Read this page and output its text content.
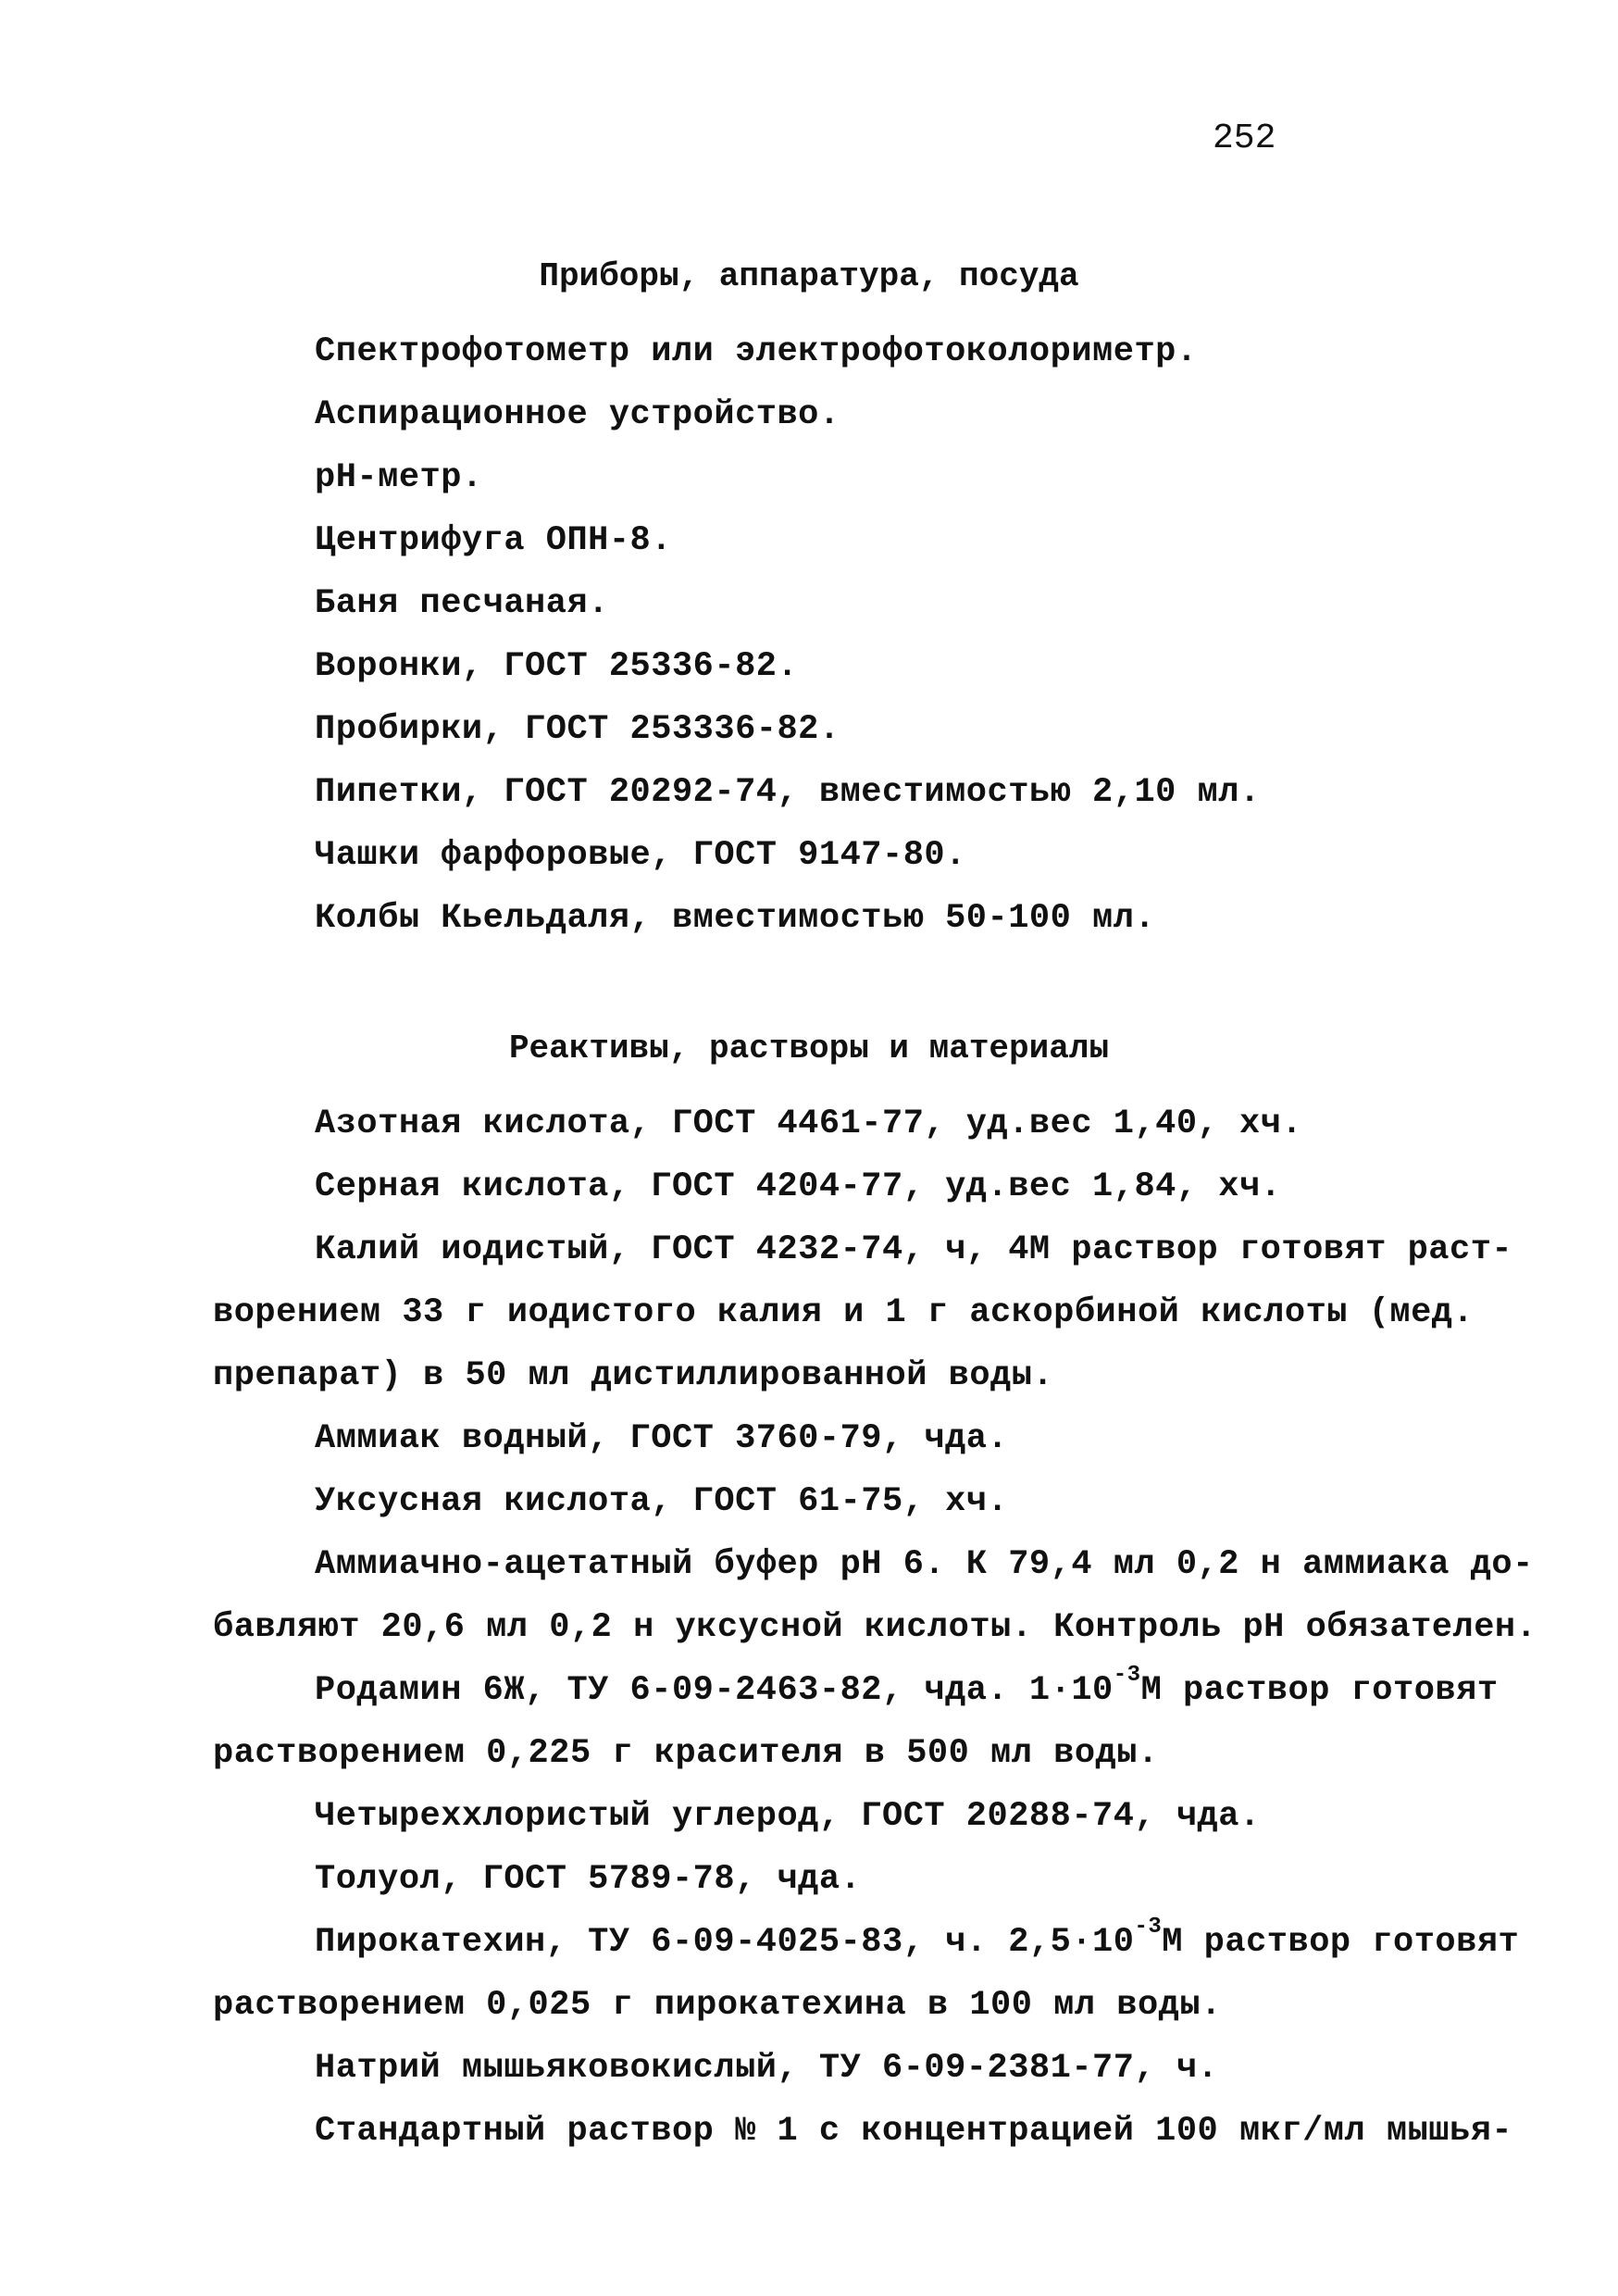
252
Приборы, аппаратура, посуда
Спектрофотометр или электрофотоколориметр.
Аспирационное устройство.
рН-метр.
Центрифуга ОПН-8.
Баня песчаная.
Воронки, ГОСТ 25336-82.
Пробирки, ГОСТ 253336-82.
Пипетки, ГОСТ 20292-74, вместимостью 2,10 мл.
Чашки фарфоровые, ГОСТ 9147-80.
Колбы Кьельдаля, вместимостью 50-100 мл.
Реактивы, растворы и материалы
Азотная кислота, ГОСТ 4461-77, уд.вес 1,40, хч.
Серная кислота, ГОСТ 4204-77, уд.вес 1,84, хч.
Калий иодистый, ГОСТ 4232-74, ч, 4М раствор готовят раст-
ворением 33 г иодистого калия и 1 г аскорбиной кислоты (мед.
препарат) в 50 мл дистиллированной воды.
Аммиак водный, ГОСТ 3760-79, чда.
Уксусная кислота, ГОСТ 61-75, хч.
Аммиачно-ацетатный буфер рН 6. К 79,4 мл 0,2 н аммиака до-
бавляют 20,6 мл 0,2 н уксусной кислоты. Контроль рН обязателен.
Родамин 6Ж, ТУ 6-09-2463-82, чда. $1\cdot 10^{-3}М$ раствор готовят
растворением 0,225 г красителя в 500 мл воды.
Четыреххлористый углерод, ГОСТ 20288-74, чда.
Толуол, ГОСТ 5789-78, чда.
Пирокатехин, ТУ 6-09-4025-83, ч. $2,5\cdot 10^{-3}М$ раствор готовят
растворением 0,025 г пирокатехина в 100 мл воды.
Натрий мышьяковокислый, ТУ 6-09-2381-77, ч.
Стандартный раствор № 1 с концентрацией 100 мкг/мл мышья-
